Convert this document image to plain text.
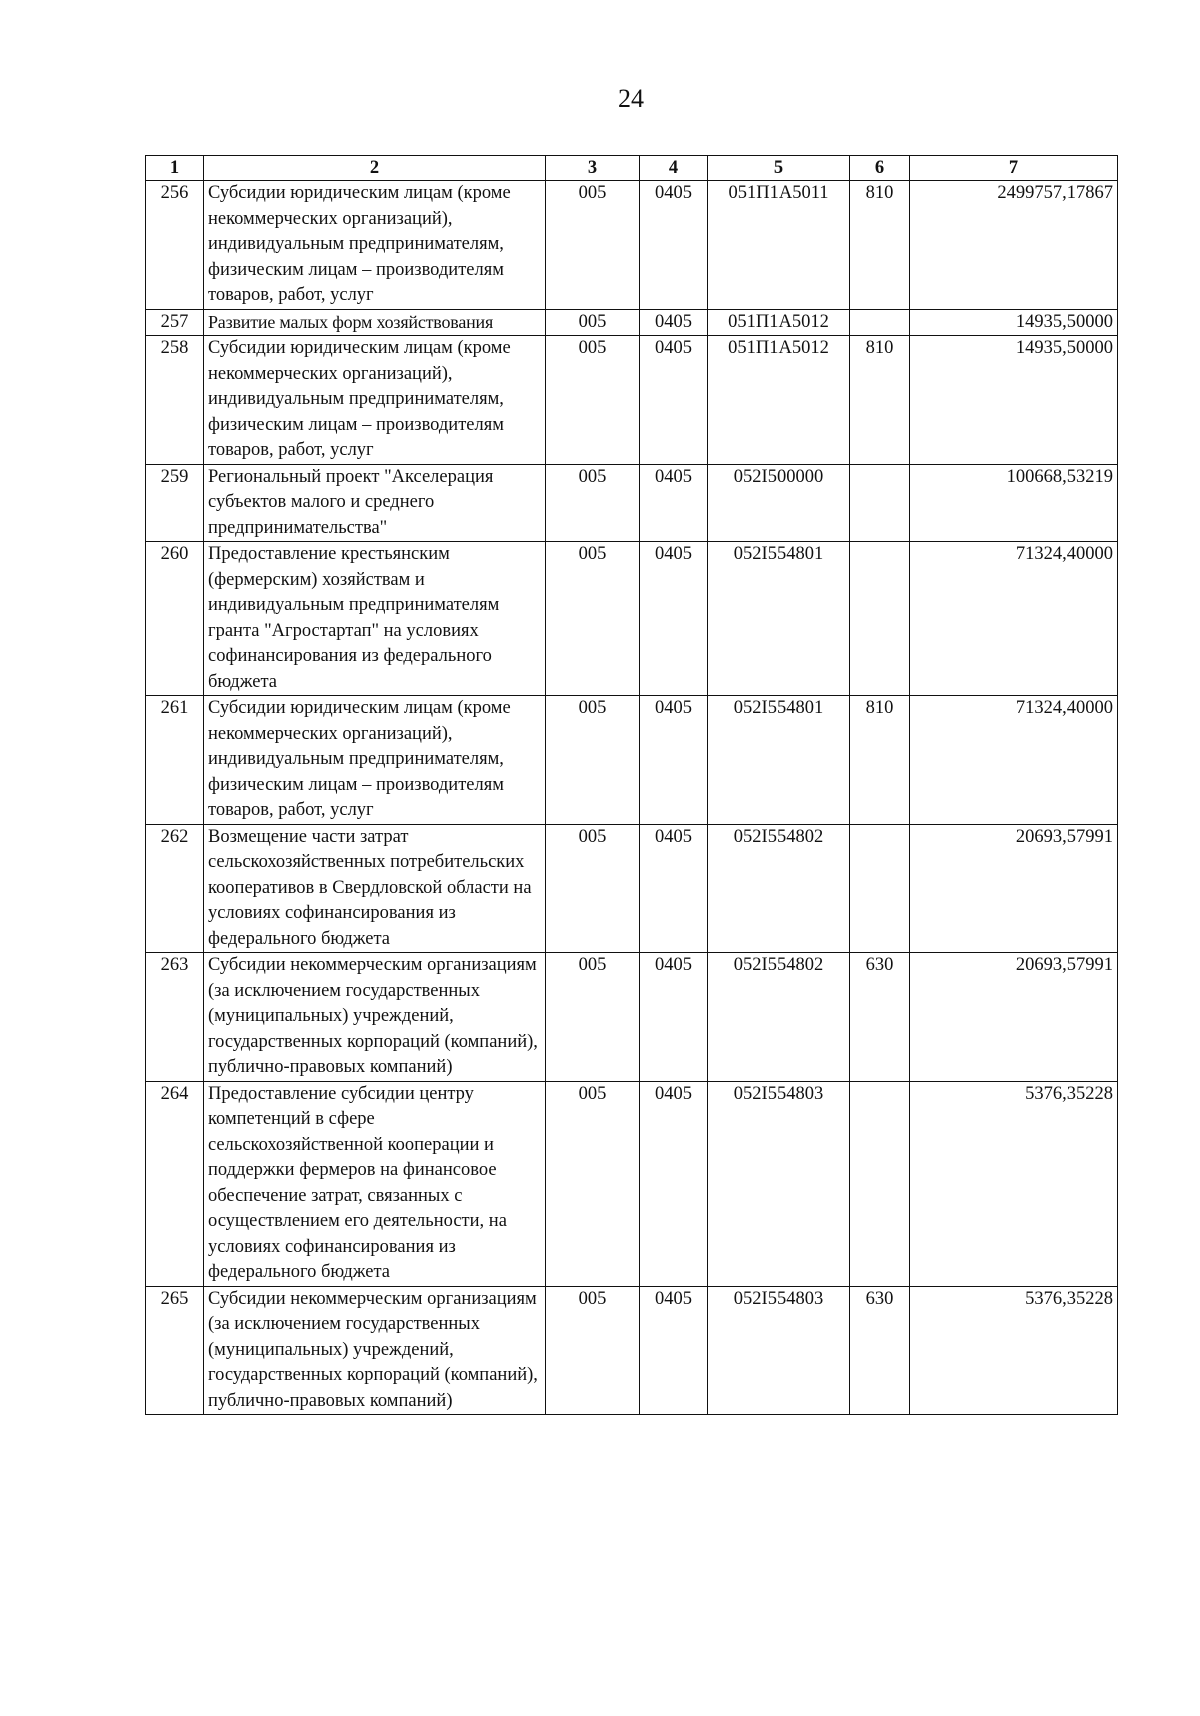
24
1	2	3	4	5	6	7
256	Субсидии юридическим лицам (кроме некоммерческих организаций), индивидуальным предпринимателям, физическим лицам – производителям товаров, работ, услуг	005	0405	051П1А5011	810	2499757,17867
257	Развитие малых форм хозяйствования	005	0405	051П1А5012		14935,50000
258	Субсидии юридическим лицам (кроме некоммерческих организаций), индивидуальным предпринимателям, физическим лицам – производителям товаров, работ, услуг	005	0405	051П1А5012	810	14935,50000
259	Региональный проект "Акселерация субъектов малого и среднего предпринимательства"	005	0405	052I500000		100668,53219
260	Предоставление крестьянским (фермерским) хозяйствам и индивидуальным предпринимателям гранта "Агростартап" на условиях софинансирования из федерального бюджета	005	0405	052I554801		71324,40000
261	Субсидии юридическим лицам (кроме некоммерческих организаций), индивидуальным предпринимателям, физическим лицам – производителям товаров, работ, услуг	005	0405	052I554801	810	71324,40000
262	Возмещение части затрат сельскохозяйственных потребительских кооперативов в Свердловской области на условиях софинансирования из федерального бюджета	005	0405	052I554802		20693,57991
263	Субсидии некоммерческим организациям (за исключением государственных (муниципальных) учреждений, государственных корпораций (компаний), публично-правовых компаний)	005	0405	052I554802	630	20693,57991
264	Предоставление субсидии центру компетенций в сфере сельскохозяйственной кооперации и поддержки фермеров на финансовое обеспечение затрат, связанных с осуществлением его деятельности, на условиях софинансирования из федерального бюджета	005	0405	052I554803		5376,35228
265	Субсидии некоммерческим организациям (за исключением государственных (муниципальных) учреждений, государственных корпораций (компаний), публично-правовых компаний)	005	0405	052I554803	630	5376,35228
